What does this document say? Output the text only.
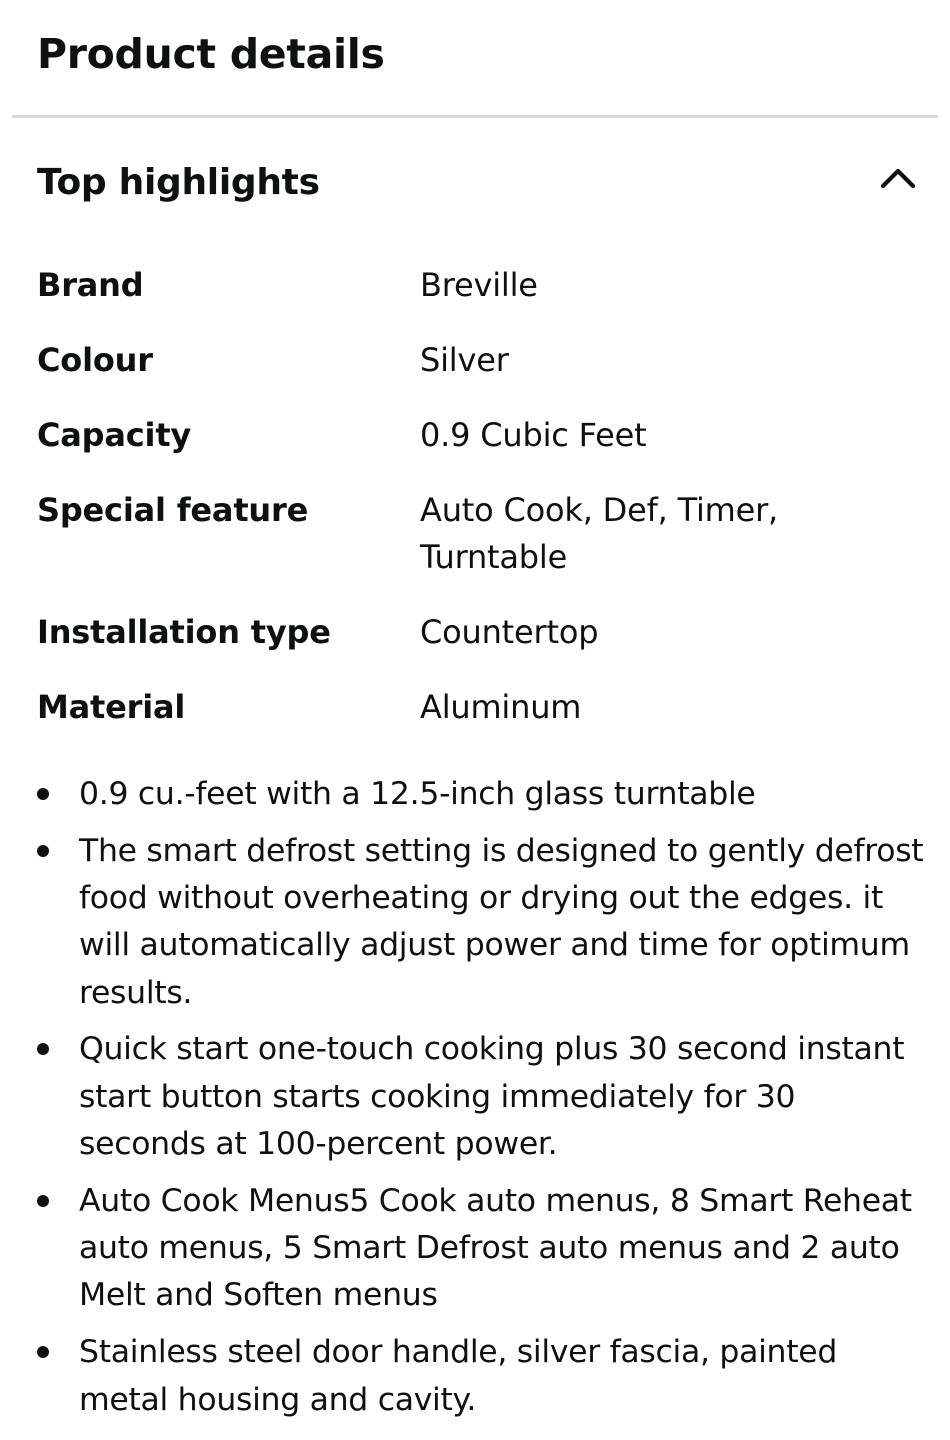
Product details
Top highlights
Brand	Breville
Colour	Silver
Capacity	0.9 Cubic Feet
Special feature	Auto Cook, Def, Timer, Turntable
Installation type	Countertop
Material	Aluminum
0.9 cu.-feet with a 12.5-inch glass turntable
The smart defrost setting is designed to gently defrost food without overheating or drying out the edges. it will automatically adjust power and time for optimum results.
Quick start one-touch cooking plus 30 second instant start button starts cooking immediately for 30 seconds at 100-percent power.
Auto Cook Menus5 Cook auto menus, 8 Smart Reheat auto menus, 5 Smart Defrost auto menus and 2 auto Melt and Soften menus
Stainless steel door handle, silver fascia, painted metal housing and cavity.
